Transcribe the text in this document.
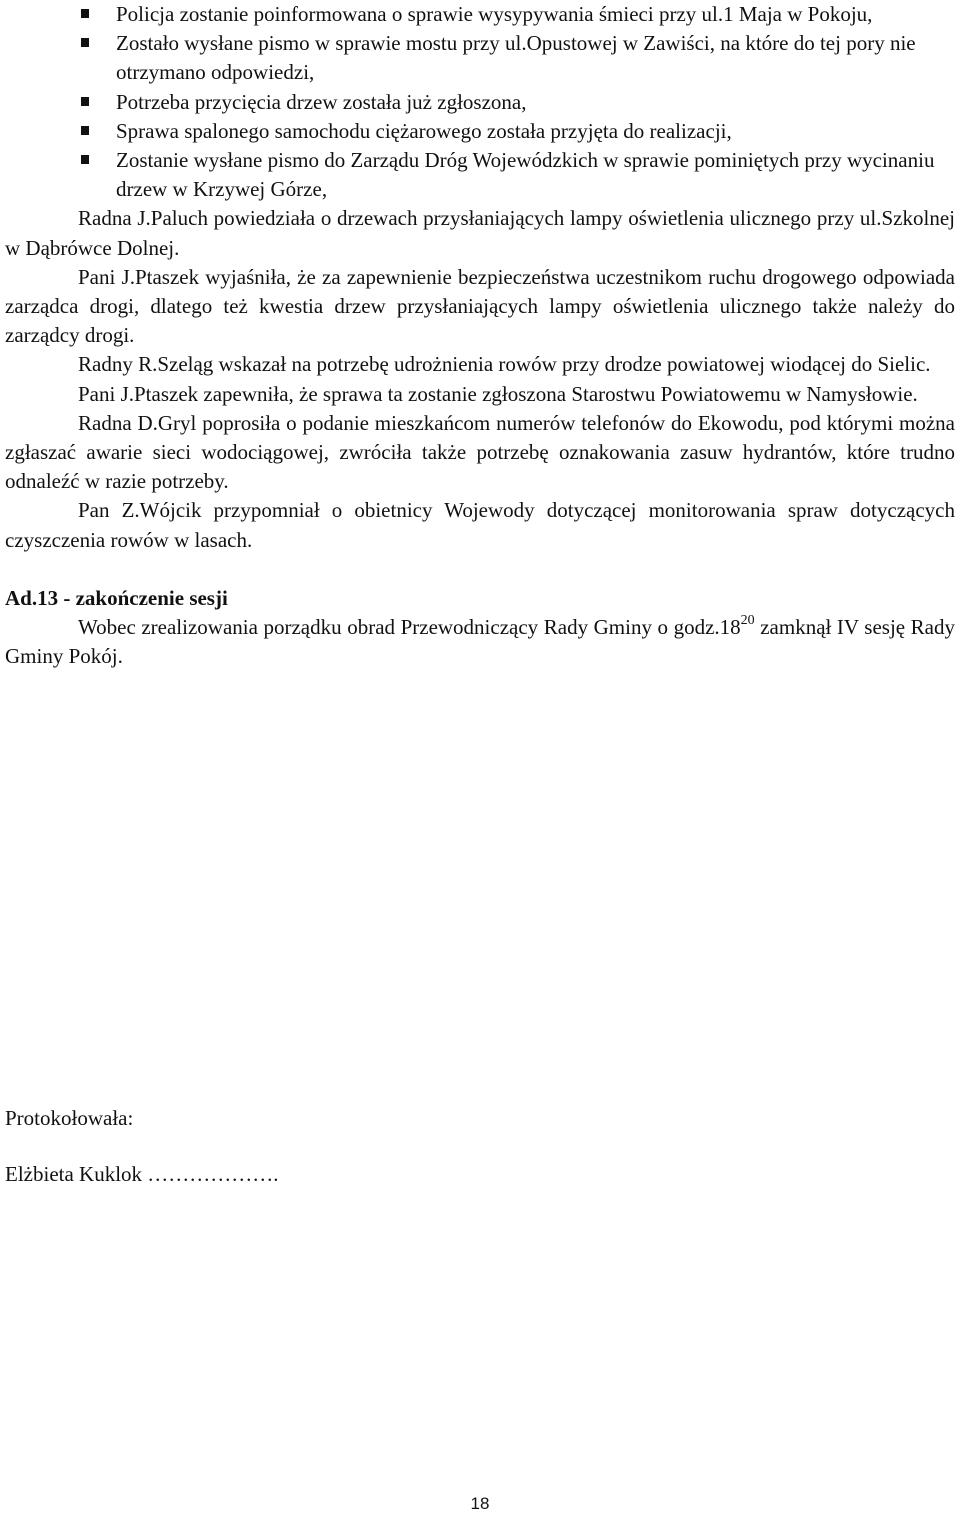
Policja zostanie poinformowana o sprawie wysypywania śmieci przy ul.1 Maja w Pokoju,
Zostało wysłane pismo w sprawie mostu przy ul.Opustowej w Zawiści, na które do tej pory nie otrzymano odpowiedzi,
Potrzeba przycięcia drzew została już zgłoszona,
Sprawa spalonego samochodu ciężarowego została przyjęta do realizacji,
Zostanie wysłane pismo do Zarządu Dróg Wojewódzkich w sprawie pominiętych przy wycinaniu drzew w Krzywej Górze,

Radna J.Paluch powiedziała o drzewach przysłaniających lampy oświetlenia ulicznego przy ul.Szkolnej w Dąbrówce Dolnej.

Pani J.Ptaszek wyjaśniła, że za zapewnienie bezpieczeństwa uczestnikom ruchu drogowego odpowiada zarządca drogi, dlatego też kwestia drzew przysłaniających lampy oświetlenia ulicznego także należy do zarządcy drogi.

Radny R.Szeląg wskazał na potrzebę udrożnienia rowów przy drodze powiatowej wiodącej do Sielic.

Pani J.Ptaszek zapewniła, że sprawa ta zostanie zgłoszona Starostwu Powiatowemu w Namysłowie.

Radna D.Gryl poprosiła o podanie mieszkańcom numerów telefonów do Ekowodu, pod którymi można zgłaszać awarie sieci wodociągowej, zwróciła także potrzebę oznakowania zasuw hydrantów, które trudno odnaleźć w razie potrzeby.

Pan Z.Wójcik przypomniał o obietnicy Wojewody dotyczącej monitorowania spraw dotyczących czyszczenia rowów w lasach.

Ad.13 - zakończenie sesji

Wobec zrealizowania porządku obrad Przewodniczący Rady Gminy o $godz.18^{20}$ zamknął IV sesję Rady Gminy Pokój.

Protokołowała:

Elżbieta Kuklok ……………….

18
